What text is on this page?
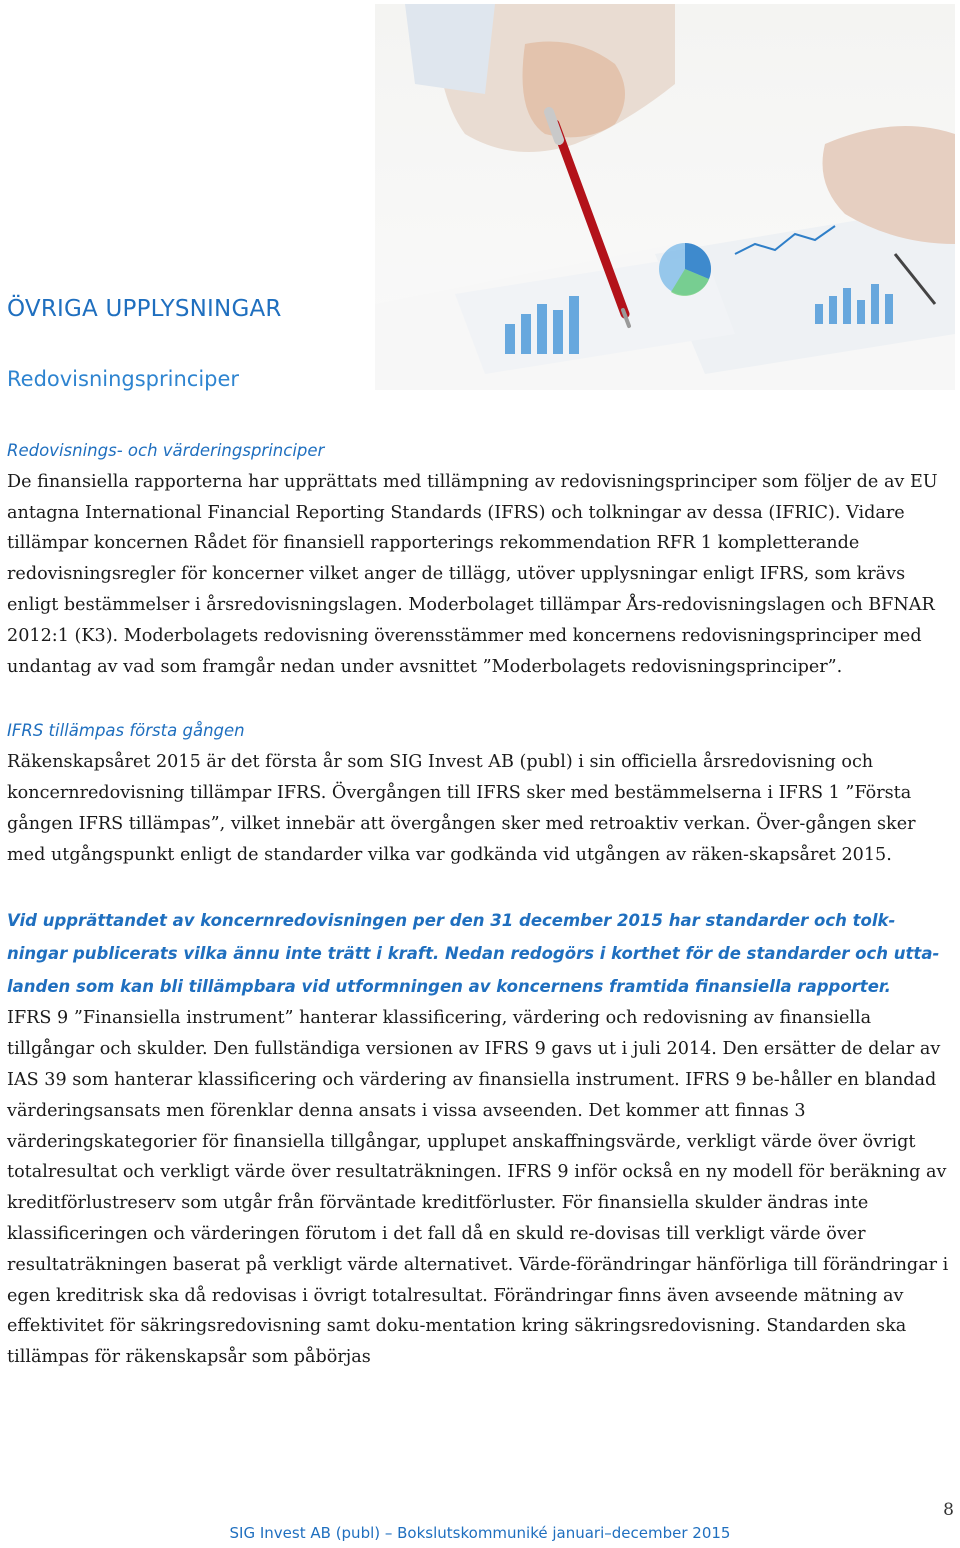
ÖVRIGA UPPLYSNINGAR
Redovisningsprinciper

Redovisnings- och värderingsprinciper

De finansiella rapporterna har upprättats med tillämpning av redovisningsprinciper som följer de av EU antagna International Financial Reporting Standards (IFRS) och tolkningar av dessa (IFRIC). Vidare tillämpar koncernen Rådet för finansiell rapporterings rekommendation RFR 1 kompletterande redovisningsregler för koncerner vilket anger de tillägg, utöver upplysningar enligt IFRS, som krävs enligt bestämmelser i årsredovisningslagen. Moderbolaget tillämpar Års-redovisningslagen och BFNAR 2012:1 (K3). Moderbolagets redovisning överensstämmer med koncernens redovisningsprinciper med undantag av vad som framgår nedan under avsnittet ”Moderbolagets redovisningsprinciper”.

IFRS tillämpas första gången

Räkenskapsåret 2015 är det första år som SIG Invest AB (publ) i sin officiella årsredovisning och koncernredovisning tillämpar IFRS. Övergången till IFRS sker med bestämmelserna i IFRS 1 ”Första gången IFRS tillämpas”, vilket innebär att övergången sker med retroaktiv verkan. Över-gången sker med utgångspunkt enligt de standarder vilka var godkända vid utgången av räken-skapsåret 2015.

Vid upprättandet av koncernredovisningen per den 31 december 2015 har standarder och tolk-ningar publicerats vilka ännu inte trätt i kraft. Nedan redogörs i korthet för de standarder och utta-landen som kan bli tillämpbara vid utformningen av koncernens framtida finansiella rapporter.

IFRS 9 ”Finansiella instrument” hanterar klassificering, värdering och redovisning av finansiella tillgångar och skulder. Den fullständiga versionen av IFRS 9 gavs ut i juli 2014. Den ersätter de delar av IAS 39 som hanterar klassificering och värdering av finansiella instrument. IFRS 9 be-håller en blandad värderingsansats men förenklar denna ansats i vissa avseenden. Det kommer att finnas 3 värderingskategorier för finansiella tillgångar, upplupet anskaffningsvärde, verkligt värde över övrigt totalresultat och verkligt värde över resultaträkningen. IFRS 9 inför också en ny modell för beräkning av kreditförlustreserv som utgår från förväntade kreditförluster. För finansiella skulder ändras inte klassificeringen och värderingen förutom i det fall då en skuld re-dovisas till verkligt värde över resultaträkningen baserat på verkligt värde alternativet. Värde-förändringar hänförliga till förändringar i egen kreditrisk ska då redovisas i övrigt totalresultat. Förändringar finns även avseende mätning av effektivitet för säkringsredovisning samt doku-mentation kring säkringsredovisning. Standarden ska tillämpas för räkenskapsår som påbörjas

8
SIG Invest AB (publ) – Bokslutskommuniké januari–december 2015
